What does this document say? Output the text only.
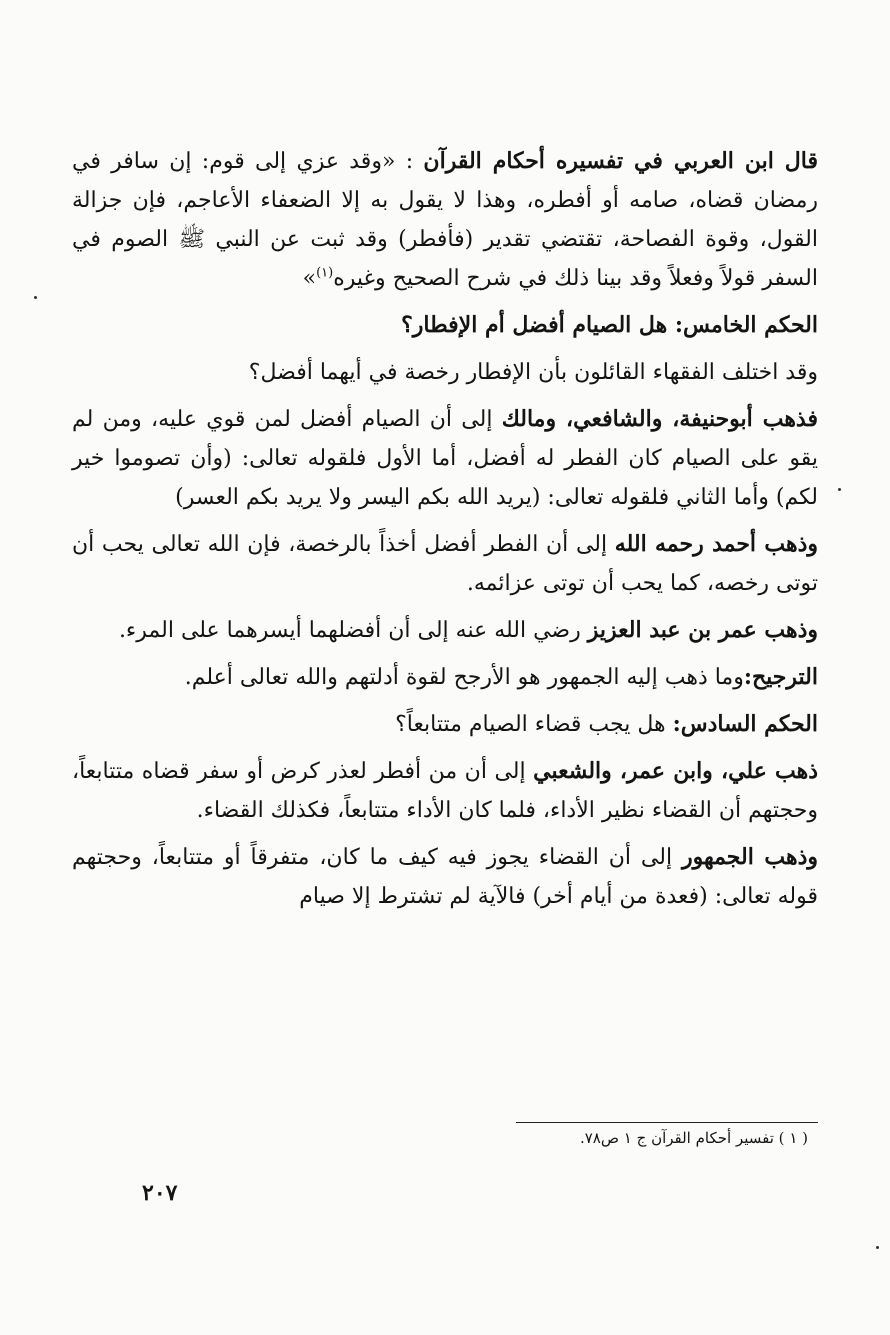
قال ابن العربي في تفسيره أحكام القرآن : «وقد عزي إلى قوم: إن سافر في رمضان قضاه، صامه أو أفطره، وهذا لا يقول به إلا الضعفاء الأعاجم، فإن جزالة القول، وقوة الفصاحة، تقتضي تقدير (فأفطر) وقد ثبت عن النبي ﷺ الصوم في السفر قولاً وفعلاً وقد بينا ذلك في شرح الصحيح وغيره$^{(١)}$»

الحكم الخامس: هل الصيام أفضل أم الإفطار؟

وقد اختلف الفقهاء القائلون بأن الإفطار رخصة في أيهما أفضل؟

فذهب أبوحنيفة، والشافعي، ومالك إلى أن الصيام أفضل لمن قوي عليه، ومن لم يقو على الصيام كان الفطر له أفضل، أما الأول فلقوله تعالى: (وأن تصوموا خير لكم) وأما الثاني فلقوله تعالى: (يريد الله بكم اليسر ولا يريد بكم العسر)

وذهب أحمد رحمه الله إلى أن الفطر أفضل أخذاً بالرخصة، فإن الله تعالى يحب أن توتى رخصه، كما يحب أن توتى عزائمه.

وذهب عمر بن عبد العزيز رضي الله عنه إلى أن أفضلهما أيسرهما على المرء.

الترجيح:وما ذهب إليه الجمهور هو الأرجح لقوة أدلتهم والله تعالى أعلم.

الحكم السادس: هل يجب قضاء الصيام متتابعاً؟

ذهب علي، وابن عمر، والشعبي إلى أن من أفطر لعذر كرض أو سفر قضاه متتابعاً، وحجتهم أن القضاء نظير الأداء، فلما كان الأداء متتابعاً، فكذلك القضاء.

وذهب الجمهور إلى أن القضاء يجوز فيه كيف ما كان، متفرقاً أو متتابعاً، وحجتهم قوله تعالى: (فعدة من أيام أخر) فالآية لم تشترط إلا صيام

( ١ ) تفسير أحكام القرآن ج ١ ص٧٨.
٢٠٧
